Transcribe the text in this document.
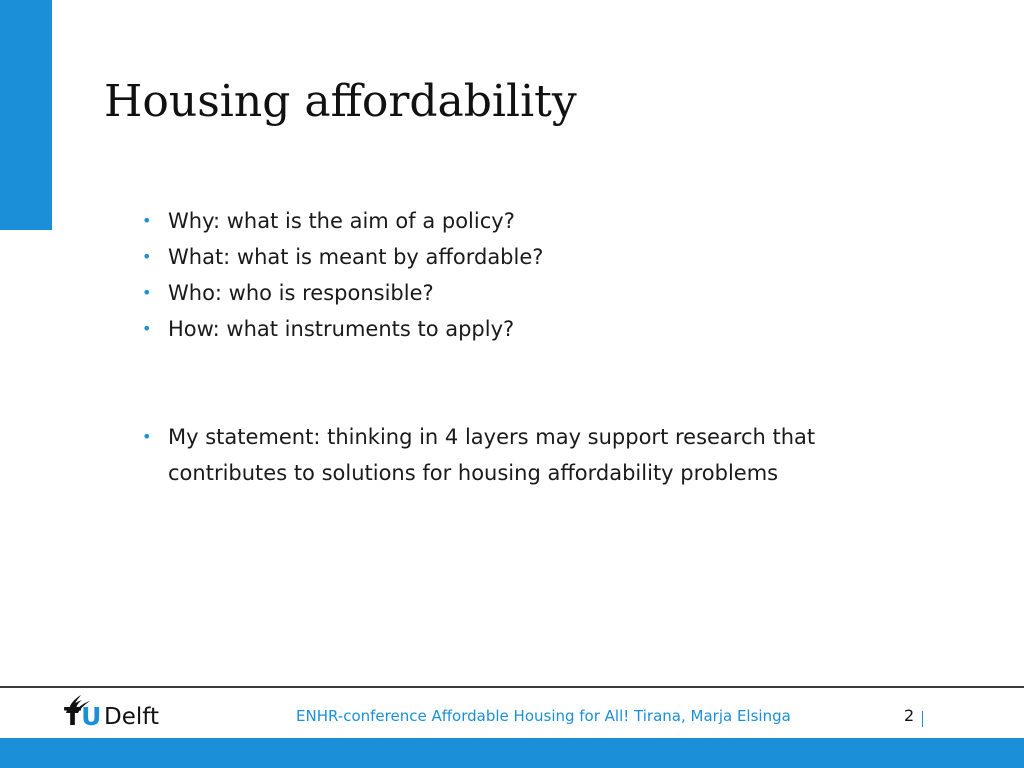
Housing affordability
• Why: what is the aim of a policy?
• What: what is meant by affordable?
• Who: who is responsible?
• How: what instruments to apply?
• My statement: thinking in 4 layers may support research that contributes to solutions for housing affordability problems
TU Delft	ENHR-conference Affordable Housing for All! Tirana, Marja Elsinga	2
